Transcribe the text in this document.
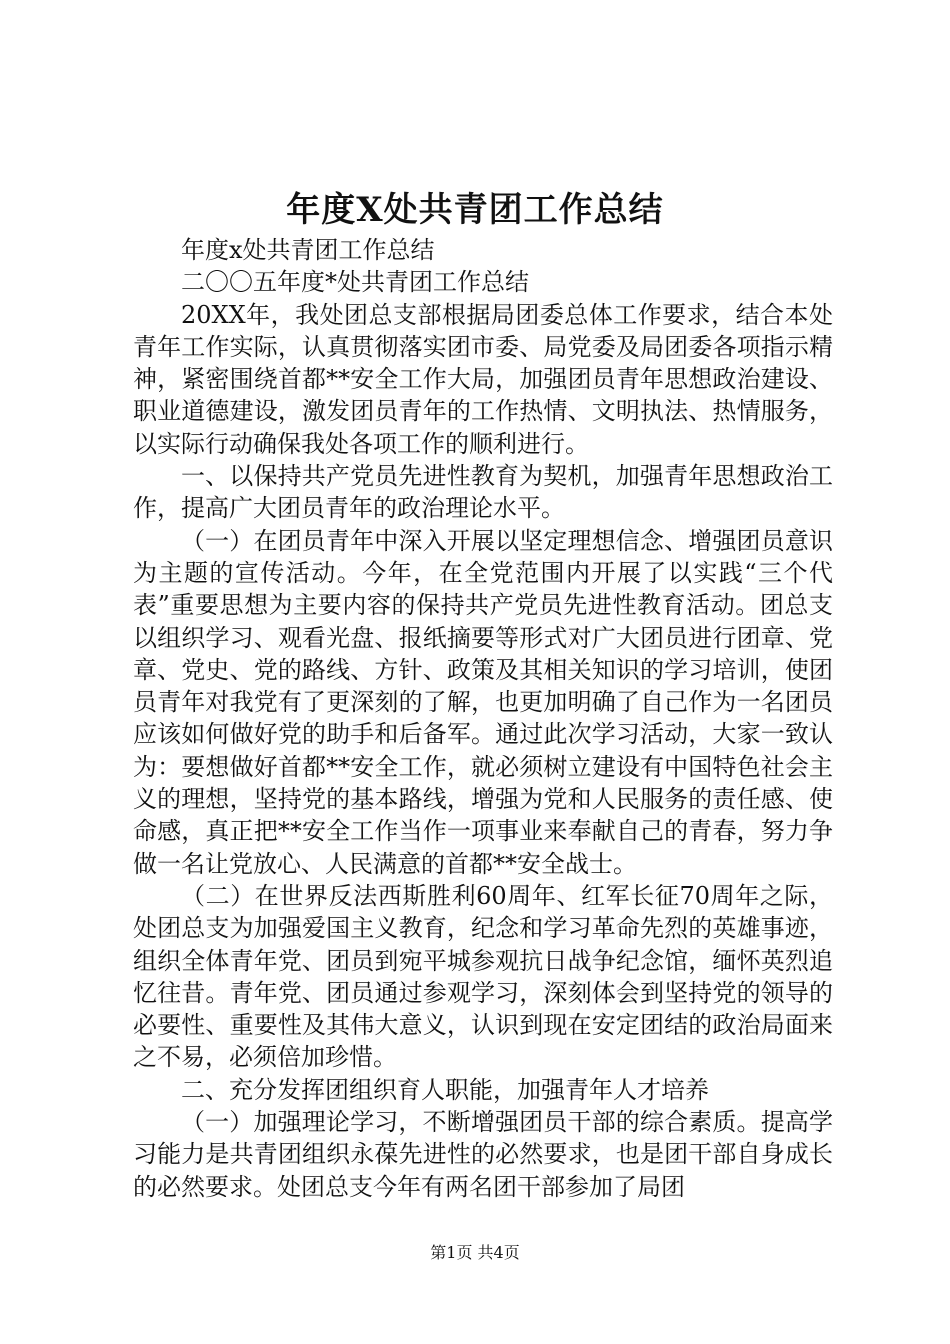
年度X处共青团工作总结

年度x处共青团工作总结

二〇〇五年度*处共青团工作总结

20XX年，我处团总支部根据局团委总体工作要求，结合本处青年工作实际，认真贯彻落实团市委、局党委及局团委各项指示精神，紧密围绕首都**安全工作大局，加强团员青年思想政治建设、职业道德建设，激发团员青年的工作热情、文明执法、热情服务，以实际行动确保我处各项工作的顺利进行。

一、以保持共产党员先进性教育为契机，加强青年思想政治工作，提高广大团员青年的政治理论水平。

（一）在团员青年中深入开展以坚定理想信念、增强团员意识为主题的宣传活动。今年，在全党范围内开展了以实践“三个代表”重要思想为主要内容的保持共产党员先进性教育活动。团总支以组织学习、观看光盘、报纸摘要等形式对广大团员进行团章、党章、党史、党的路线、方针、政策及其相关知识的学习培训，使团员青年对我党有了更深刻的了解，也更加明确了自己作为一名团员应该如何做好党的助手和后备军。通过此次学习活动，大家一致认为：要想做好首都**安全工作，就必须树立建设有中国特色社会主义的理想，坚持党的基本路线，增强为党和人民服务的责任感、使命感，真正把**安全工作当作一项事业来奉献自己的青春，努力争做一名让党放心、人民满意的首都**安全战士。

（二）在世界反法西斯胜利60周年、红军长征70周年之际，处团总支为加强爱国主义教育，纪念和学习革命先烈的英雄事迹，组织全体青年党、团员到宛平城参观抗日战争纪念馆，缅怀英烈追忆往昔。青年党、团员通过参观学习，深刻体会到坚持党的领导的必要性、重要性及其伟大意义，认识到现在安定团结的政治局面来之不易，必须倍加珍惜。

二、充分发挥团组织育人职能，加强青年人才培养

（一）加强理论学习，不断增强团员干部的综合素质。提高学习能力是共青团组织永葆先进性的必然要求，也是团干部自身成长的必然要求。处团总支今年有两名团干部参加了局团

第1页 共4页
